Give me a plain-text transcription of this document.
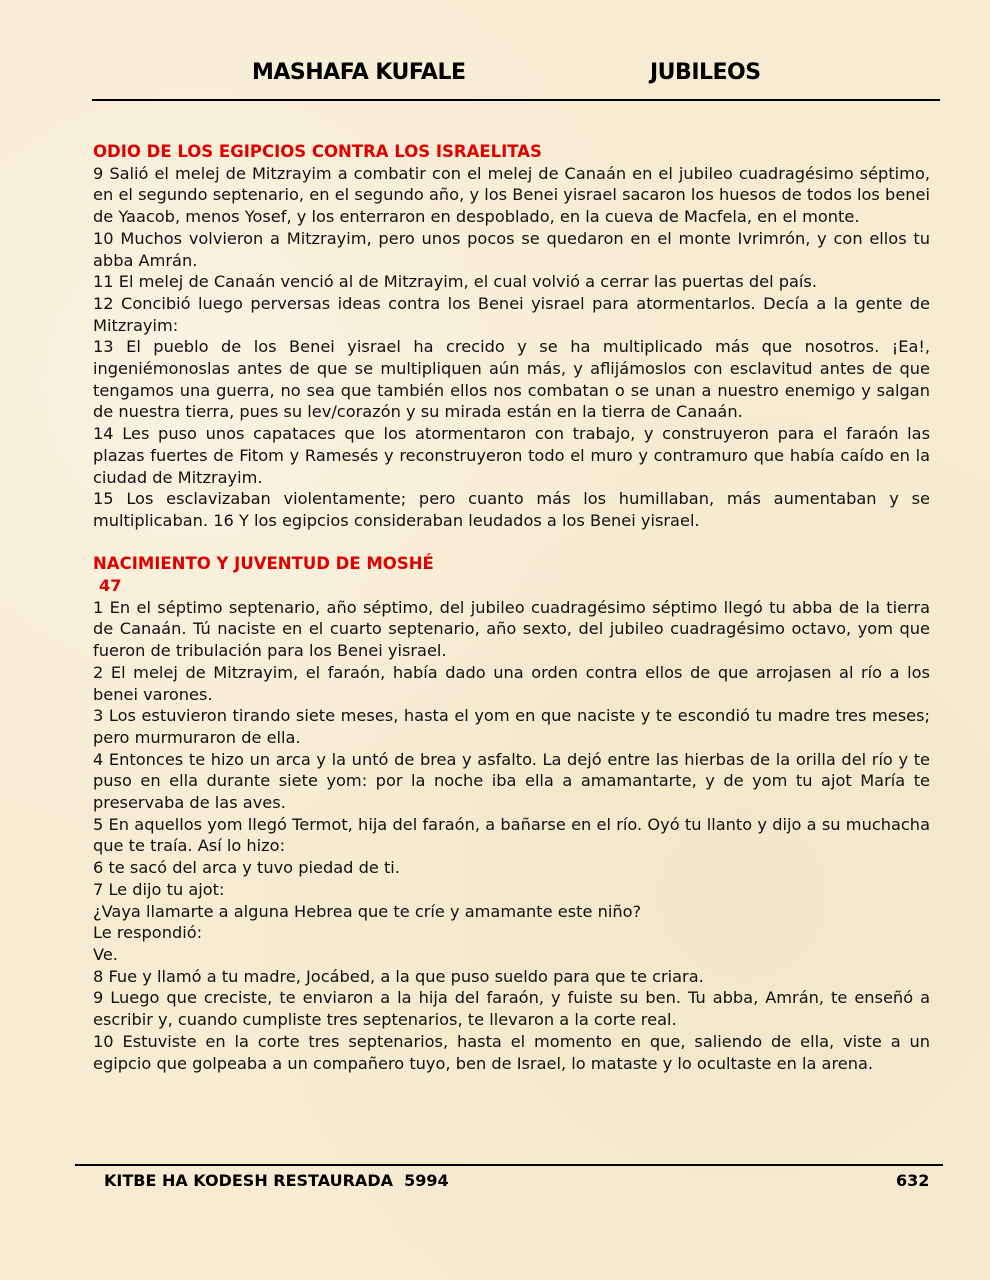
MASHAFA KUFALE	JUBILEOS
ODIO DE LOS EGIPCIOS CONTRA LOS ISRAELITAS

9 Salió el melej de Mitzrayim a combatir con el melej de Canaán en el jubileo cuadragésimo séptimo, en el segundo septenario, en el segundo año, y los Benei yisrael sacaron los huesos de todos los benei de Yaacob, menos Yosef, y los enterraron en despoblado, en la cueva de Macfela, en el monte.

10 Muchos volvieron a Mitzrayim, pero unos pocos se quedaron en el monte Ivrimrón, y con ellos tu abba Amrán.

11 El melej de Canaán venció al de Mitzrayim, el cual volvió a cerrar las puertas del país.

12 Concibió luego perversas ideas contra los Benei yisrael para atormentarlos. Decía a la gente de Mitzrayim:

13 El pueblo de los Benei yisrael ha crecido y se ha multiplicado más que nosotros. ¡Ea!, ingeniémonoslas antes de que se multipliquen aún más, y aflijámoslos con esclavitud antes de que tengamos una guerra, no sea que también ellos nos combatan o se unan a nuestro enemigo y salgan de nuestra tierra, pues su lev/corazón y su mirada están en la tierra de Canaán.

14 Les puso unos capataces que los atormentaron con trabajo, y construyeron para el faraón las plazas fuertes de Fitom y Ramesés y reconstruyeron todo el muro y contramuro que había caído en la ciudad de Mitzrayim.

15 Los esclavizaban violentamente; pero cuanto más los humillaban, más aumentaban y se multiplicaban. 16 Y los egipcios consideraban leudados a los Benei yisrael.

NACIMIENTO Y JUVENTUD DE MOSHÉ
47

1 En el séptimo septenario, año séptimo, del jubileo cuadragésimo séptimo llegó tu abba de la tierra de Canaán. Tú naciste en el cuarto septenario, año sexto, del jubileo cuadragésimo octavo, yom que fueron de tribulación para los Benei yisrael.

2 El melej de Mitzrayim, el faraón, había dado una orden contra ellos de que arrojasen al río a los benei varones.

3 Los estuvieron tirando siete meses, hasta el yom en que naciste y te escondió tu madre tres meses; pero murmuraron de ella.

4 Entonces te hizo un arca y la untó de brea y asfalto. La dejó entre las hierbas de la orilla del río y te puso en ella durante siete yom: por la noche iba ella a amamantarte, y de yom tu ajot María te preservaba de las aves.

5 En aquellos yom llegó Termot, hija del faraón, a bañarse en el río. Oyó tu llanto y dijo a su muchacha que te traía. Así lo hizo:

6 te sacó del arca y tuvo piedad de ti.

7 Le dijo tu ajot:

¿Vaya llamarte a alguna Hebrea que te críe y amamante este niño?

Le respondió:

Ve.

8 Fue y llamó a tu madre, Jocábed, a la que puso sueldo para que te criara.

9 Luego que creciste, te enviaron a la hija del faraón, y fuiste su ben. Tu abba, Amrán, te enseñó a escribir y, cuando cumpliste tres septenarios, te llevaron a la corte real.

10 Estuviste en la corte tres septenarios, hasta el momento en que, saliendo de ella, viste a un egipcio que golpeaba a un compañero tuyo, ben de Israel, lo mataste y lo ocultaste en la arena.

KITBE HA KODESH RESTAURADA  5994	632
